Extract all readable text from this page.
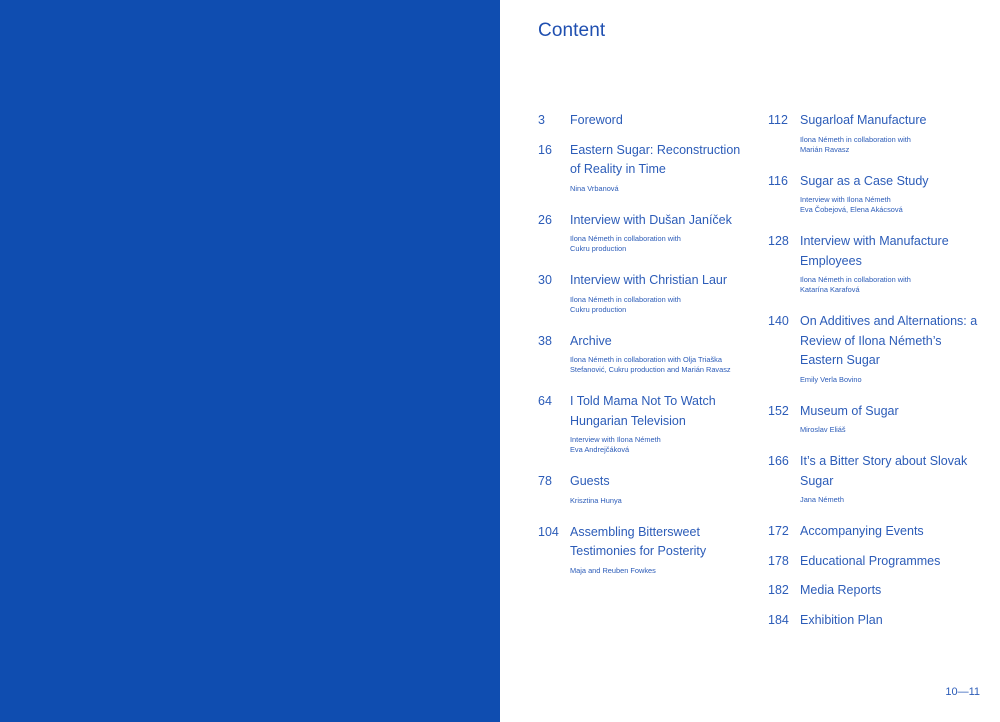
Content
3	Foreword
16	Eastern Sugar: Reconstruction of Reality in Time
Nina Vrbanová
26	Interview with Dušan Janíček
Ilona Németh in collaboration with
Cukru production
30	Interview with Christian Laur
Ilona Németh in collaboration with
Cukru production
38	Archive
Ilona Németh in collaboration with Olja Triaška
Stefanović, Cukru production and Marián Ravasz
64	I Told Mama Not To Watch Hungarian Television
Interview with Ilona Németh
Eva Andrejčáková
78	Guests
Krisztina Hunya
104 Assembling Bittersweet Testimonies for Posterity
Maja and Reuben Fowkes
112 Sugarloaf Manufacture
Ilona Németh in collaboration with
Marián Ravasz
116 Sugar as a Case Study
Interview with Ilona Németh
Eva Čobejová, Elena Akácsová
128 Interview with Manufacture Employees
Ilona Németh in collaboration with
Katarína Karafová
140 On Additives and Alternations: a Review of Ilona Németh’s Eastern Sugar
Emily Verla Bovino
152 Museum of Sugar
Miroslav Eliáš
166 It’s a Bitter Story about Slovak Sugar
Jana Németh
172 Accompanying Events
178 Educational Programmes
182 Media Reports
184 Exhibition Plan
10—11
